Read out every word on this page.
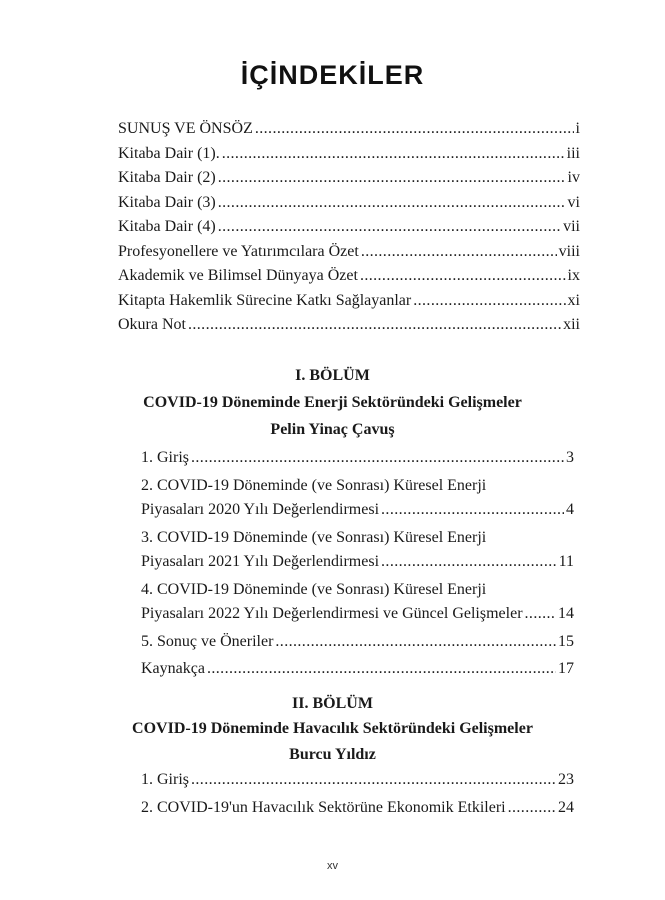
İÇİNDEKİLER
SUNUŞ VE ÖNSÖZ .....	i
Kitaba Dair (1). .....	iii
Kitaba Dair (2) .....	iv
Kitaba Dair (3) .....	vi
Kitaba Dair (4) .....	vii
Profesyonellere ve Yatırımcılara Özet .....	viii
Akademik ve Bilimsel Dünyaya Özet .....	ix
Kitapta Hakemlik Sürecine Katkı Sağlayanlar .....	xi
Okura Not .....	xii
I. BÖLÜM
COVID-19 Döneminde Enerji Sektöründeki Gelişmeler
Pelin Yinaç Çavuş
1. Giriş .....	3
2. COVID-19 Döneminde (ve Sonrası) Küresel Enerji
Piyasaları 2020 Yılı Değerlendirmesi .....	4
3. COVID-19 Döneminde (ve Sonrası) Küresel Enerji
Piyasaları 2021 Yılı Değerlendirmesi .....	11
4. COVID-19 Döneminde (ve Sonrası) Küresel Enerji
Piyasaları 2022 Yılı Değerlendirmesi ve Güncel Gelişmeler ..... 14
5. Sonuç ve Öneriler .....	15
Kaynakça .....	17
II. BÖLÜM
COVID-19 Döneminde Havacılık Sektöründeki Gelişmeler
Burcu Yıldız
1. Giriş .....	23
2. COVID-19'un Havacılık Sektörüne Ekonomik Etkileri .....	24
xv
